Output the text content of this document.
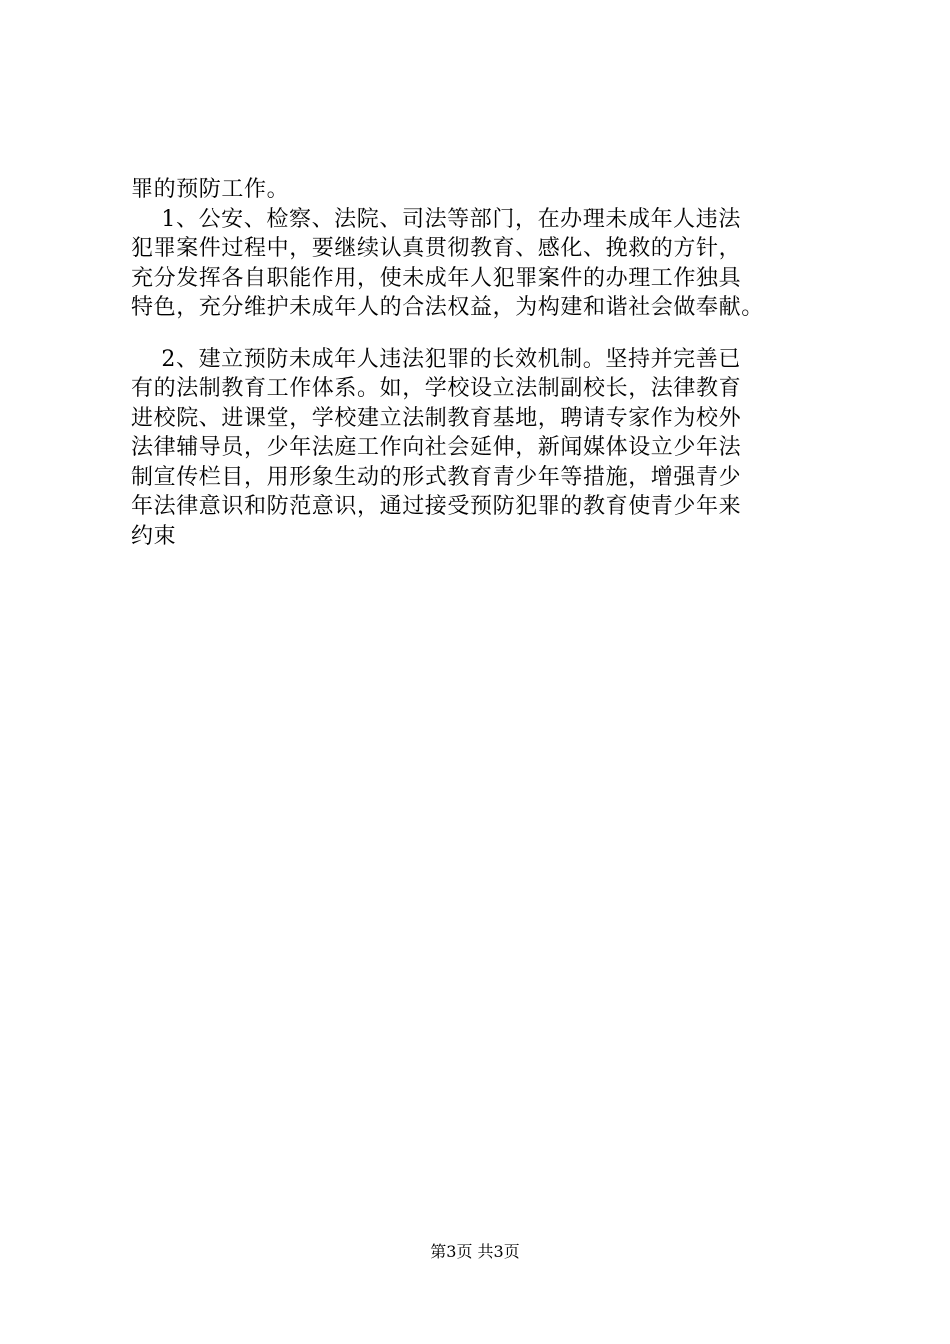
罪的预防工作。

1、公安、检察、法院、司法等部门，在办理未成年人违法

犯罪案件过程中，要继续认真贯彻教育、感化、挽救的方针，

充分发挥各自职能作用，使未成年人犯罪案件的办理工作独具

特色，充分维护未成年人的合法权益，为构建和谐社会做奉献。

2、建立预防未成年人违法犯罪的长效机制。坚持并完善已

有的法制教育工作体系。如，学校设立法制副校长，法律教育

进校院、进课堂，学校建立法制教育基地，聘请专家作为校外

法律辅导员，少年法庭工作向社会延伸，新闻媒体设立少年法

制宣传栏目，用形象生动的形式教育青少年等措施，增强青少

年法律意识和防范意识，通过接受预防犯罪的教育使青少年来

约束

第3页 共3页
